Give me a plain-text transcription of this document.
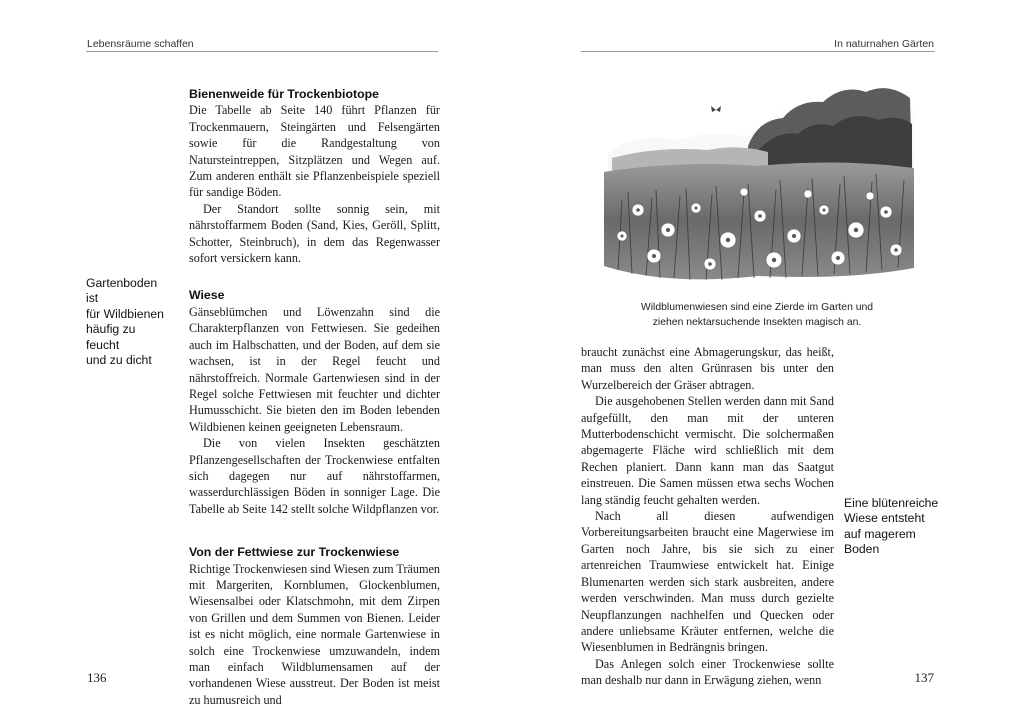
Lebensräume schaffen
Gartenboden ist
für Wildbienen
häufig zu feucht
und zu dicht
Bienenweide für Trockenbiotope

Die Tabelle ab Seite 140 führt Pflanzen für Trockenmauern, Steingärten und Felsengärten sowie für die Randgestaltung von Natursteintreppen, Sitzplätzen und Wegen auf. Zum anderen enthält sie Pflanzenbeispiele speziell für sandige Böden.

Der Standort sollte sonnig sein, mit nährstoffarmem Boden (Sand, Kies, Geröll, Splitt, Schotter, Steinbruch), in dem das Regenwasser sofort versickern kann.

Wiese

Gänseblümchen und Löwenzahn sind die Charakterpflanzen von Fettwiesen. Sie gedeihen auch im Halbschatten, und der Boden, auf dem sie wachsen, ist in der Regel feucht und nährstoffreich. Normale Gartenwiesen sind in der Regel solche Fettwiesen mit feuchter und dichter Humusschicht. Sie bieten den im Boden lebenden Wildbienen keinen geeigneten Lebensraum.

Die von vielen Insekten geschätzten Pflanzengesellschaften der Trockenwiese entfalten sich dagegen nur auf nährstoffarmen, wasserdurchlässigen Böden in sonniger Lage. Die Tabelle ab Seite 142 stellt solche Wildpflanzen vor.

Von der Fettwiese zur Trockenwiese

Richtige Trockenwiesen sind Wiesen zum Träumen mit Margeriten, Kornblumen, Glockenblumen, Wiesensalbei oder Klatschmohn, mit dem Zirpen von Grillen und dem Summen von Bienen. Leider ist es nicht möglich, eine normale Gartenwiese in solch eine Trockenwiese umzuwandeln, indem man einfach Wildblumensamen auf der vorhandenen Wiese ausstreut. Der Boden ist meist zu humusreich und

136
In naturnahen Gärten
137
Wildblumenwiesen sind eine Zierde im Garten und
ziehen nektarsuchende Insekten magisch an.

braucht zunächst eine Abmagerungskur, das heißt, man muss den alten Grünrasen bis unter den Wurzelbereich der Gräser abtragen.

Die ausgehobenen Stellen werden dann mit Sand aufgefüllt, den man mit der unteren Mutterbodenschicht vermischt. Die solchermaßen abgemagerte Fläche wird schließlich mit dem Rechen planiert. Dann kann man das Saatgut einstreuen. Die Samen müssen etwa sechs Wochen lang ständig feucht gehalten werden.

Nach all diesen aufwendigen Vorbereitungsarbeiten braucht eine Magerwiese im Garten noch Jahre, bis sie sich zu einer artenreichen Traumwiese entwickelt hat. Einige Blumenarten werden sich stark ausbreiten, andere werden verschwinden. Man muss durch gezielte Neupflanzungen nachhelfen und Quecken oder andere unliebsame Kräuter entfernen, welche die Wiesenblumen in Bedrängnis bringen.

Das Anlegen solch einer Trockenwiese sollte man deshalb nur dann in Erwägung ziehen, wenn

Eine blütenreiche
Wiese entsteht
auf magerem
Boden
